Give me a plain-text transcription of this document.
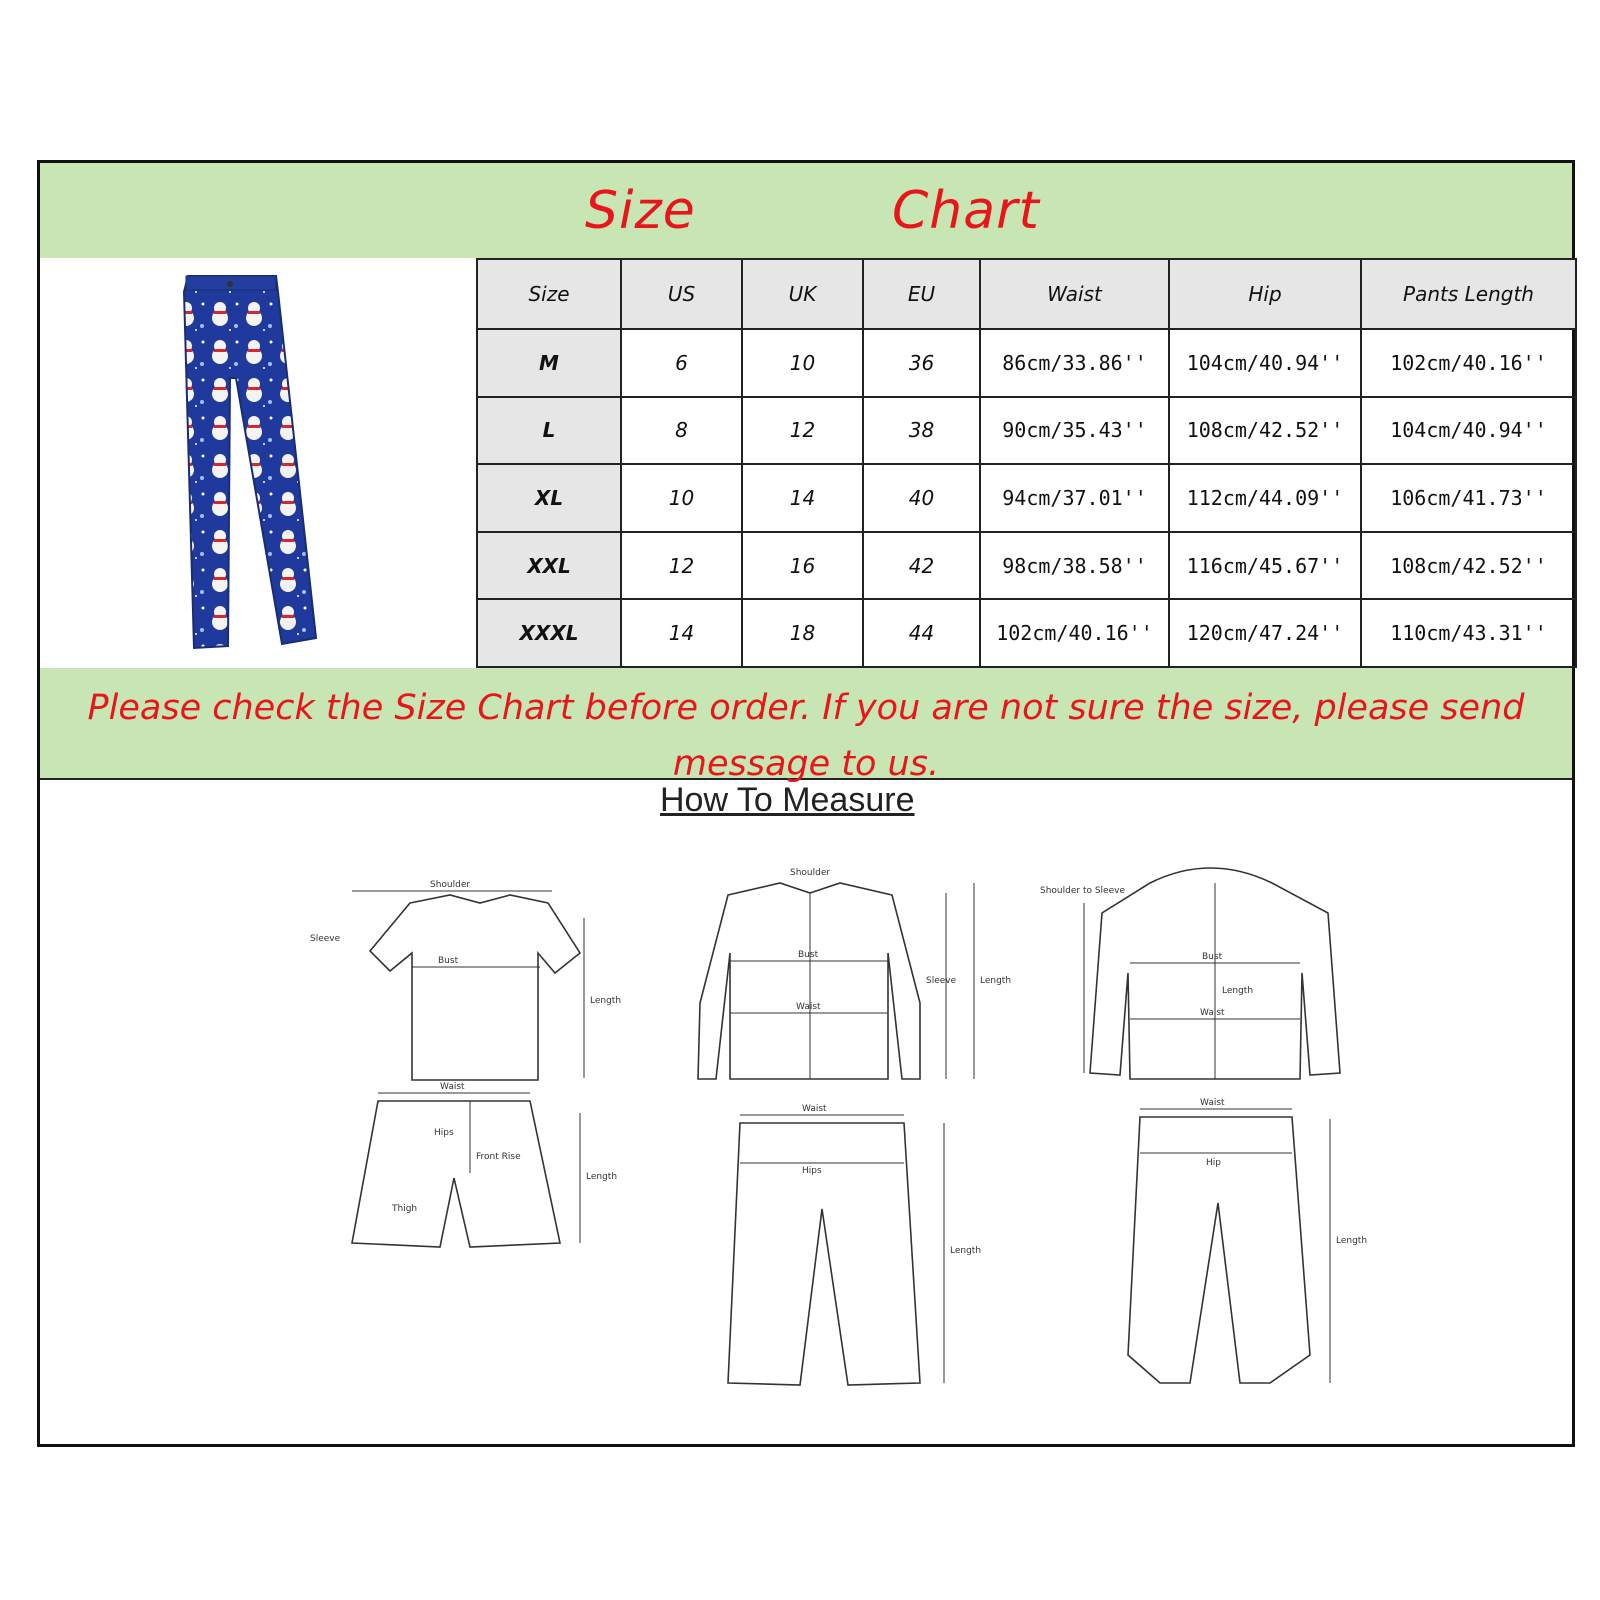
Size	Chart
Size	US	UK	EU	Waist	Hip	Pants Length
M	6	10	36	86cm/33.86''	104cm/40.94''	102cm/40.16''
L	8	12	38	90cm/35.43''	108cm/42.52''	104cm/40.94''
XL	10	14	40	94cm/37.01''	112cm/44.09''	106cm/41.73''
XXL	12	16	42	98cm/38.58''	116cm/45.67''	108cm/42.52''
XXXL	14	18	44	102cm/40.16''	120cm/47.24''	110cm/43.31''
Please check the Size Chart before order. If you are not sure the size, please send message to us.
How To Measure
Shoulder
Bust
Length
Sleeve
Waist
Hips
Front Rise
Thigh
Length
Shoulder
Bust
Waist
Sleeve	Length
Waist
Hips
Length
Bust
Waist
Length
Shoulder to Sleeve
Waist
Hip
Length
